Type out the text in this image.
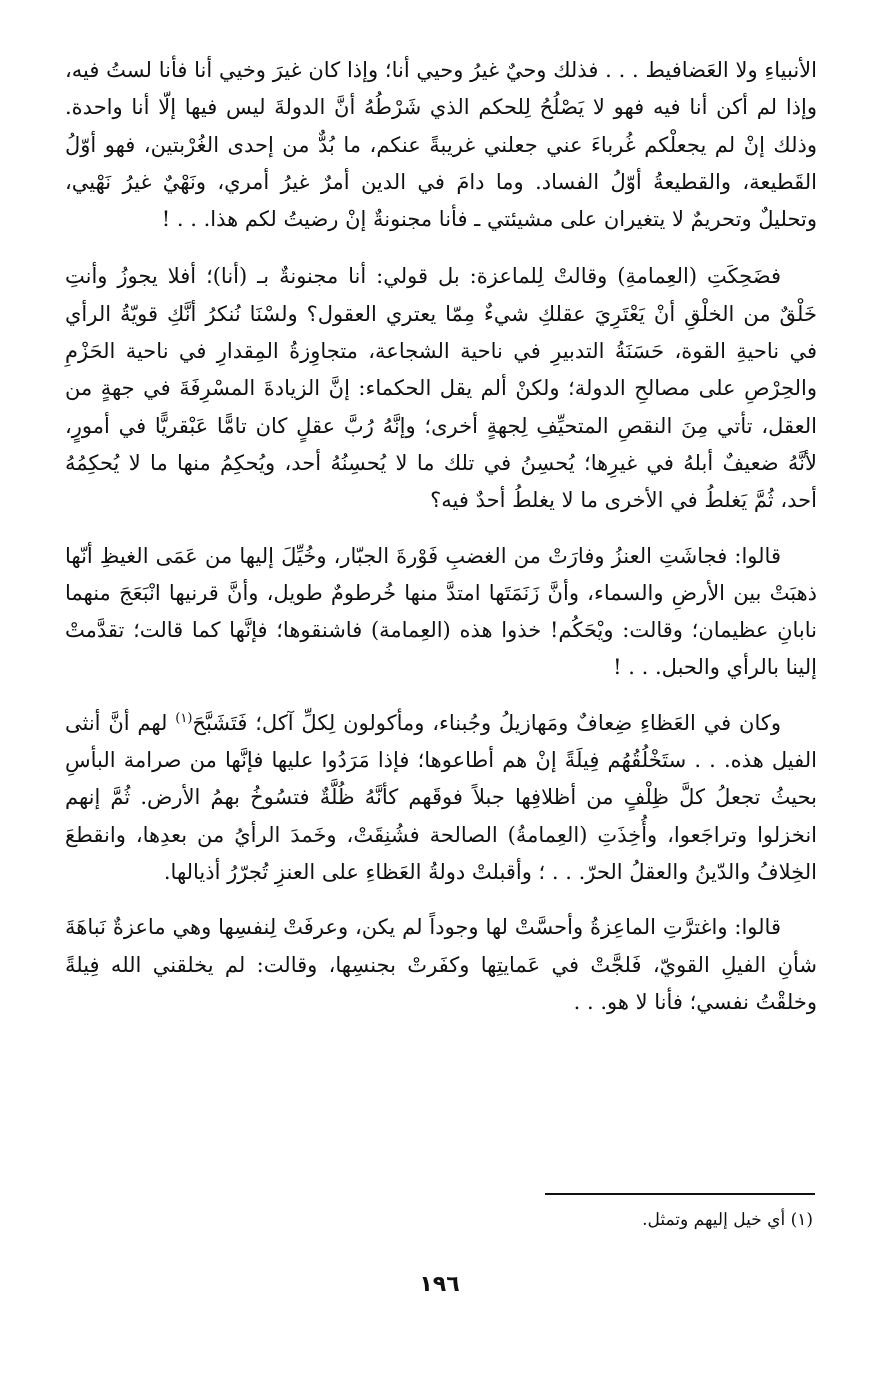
الأنبياءِ ولا العَضافيط . . . فذلك وحيٌ غيرُ وحيي أنا؛ وإذا كان غيرَ وخيي أنا فأنا لستُ فيه، وإذا لم أكن أنا فيه فهو لا يَصْلُحُ لِلحكم الذي شَرْطُهُ أنَّ الدولةَ ليس فيها إلّا أنا واحدة. وذلك إنْ لم يجعلْكم غُرباءَ عني جعلني غريبةً عنكم، ما بُدٌّ من إحدى الغُرْبتين، فهو أوّلُ القَطيعة، والقطيعةُ أوّلُ الفساد. وما دامَ في الدين أمرٌ غيرُ أمري، ونَهْيٌ غيرُ نَهْيي، وتحليلٌ وتحريمٌ لا يتغيران على مشيئتي ـ فأنا مجنونةٌ إنْ رضيتُ لكم هذا. . . !

فضَحِكَتِ (العِمامةِ) وقالتْ لِلماعزة: بل قولي: أنا مجنونةٌ بـ (أنا)؛ أفلا يجوزُ وأنتِ خَلْقٌ من الخلْقِ أنْ يَعْتَرِيَ عقلكِ شيءٌ مِمّا يعتري العقول؟ ولسْنَا نُنكرُ أنَّكِ قويّةُ الرأي في ناحيةِ القوة، حَسَنَةُ التدبيرِ في ناحية الشجاعة، متجاوِزةُ المِقدارِ في ناحية الحَزْمِ والحِرْصِ على مصالحِ الدولة؛ ولكنْ ألم يقل الحكماء: إنَّ الزيادةَ المسْرِفَةَ في جهةٍ من العقل، تأتي مِنَ النقصِ المتحيِّفِ لِجهةٍ أخرى؛ وإنَّهُ رُبَّ عقلٍ كان تامًّا عَبْقريًّا في أمورٍ، لأنَّهُ ضعيفٌ أبلهُ في غيرِها؛ يُحسِنُ في تلك ما لا يُحسِنُهُ أحد، ويُحكِمُ منها ما لا يُحكِمُهُ أحد، ثُمَّ يَغلطُ في الأخرى ما لا يغلطُ أحدٌ فيه؟

قالوا: فجاشَتِ العنزُ وفارَتْ من الغضبِ فَوْرةَ الجبّار، وخُيِّلَ إليها من عَمَى الغيظِ أنّها ذهبَتْ بين الأرضِ والسماء، وأنَّ زَنَمَتَها امتدَّ منها خُرطومٌ طويل، وأنَّ قرنيها انْبَعَجَ منهما نابانِ عظيمان؛ وقالت: ويْحَكُم! خذوا هذه (العِمامة) فاشنقوها؛ فإنَّها كما قالت؛ تقدَّمتْ إلينا بالرأي والحبل. . . !

وكان في العَظاءِ ضِعافٌ ومَهازيلُ وجُبناء، ومأكولون لِكلِّ آكل؛ فَتَشَبَّحَ$^{(١)}$ لهم أنَّ أنثى الفيل هذه. . . ستَخْلُقُهُم فِيلَةً إنْ هم أطاعوها؛ فإذا مَرَدُوا عليها فإنَّها من صرامة البأسِ بحيثُ تجعلُ كلَّ ظِلْفٍ من أظلافِها جبلاً فوقَهم كأنَّهُ ظُلَّةٌ فتسُوخُ بهمُ الأرض. ثُمَّ إنهم انخزلوا وتراجَعوا، وأُخِذَتِ (العِمامةُ) الصالحة فشُنِقَتْ، وخَمدَ الرأيُ من بعدِها، وانقطعَ الخِلافُ والدّينُ والعقلُ الحرّ. . . ؛ وأقبلتْ دولةُ العَظاءِ على العنزِ تُجرّرُ أذيالها.

قالوا: واغترَّتِ الماعِزةُ وأحسَّتْ لها وجوداً لم يكن، وعرفَتْ لِنفسِها وهي ماعزةٌ نَباهَةَ شأنِ الفيلِ القويّ، فَلجَّتْ في عَمايتِها وكفَرتْ بجنسِها، وقالت: لم يخلقني الله فِيلةً وخلقْتُ نفسي؛ فأنا لا هو. . .

(١) أي خيل إليهم وتمثل.
١٩٦
